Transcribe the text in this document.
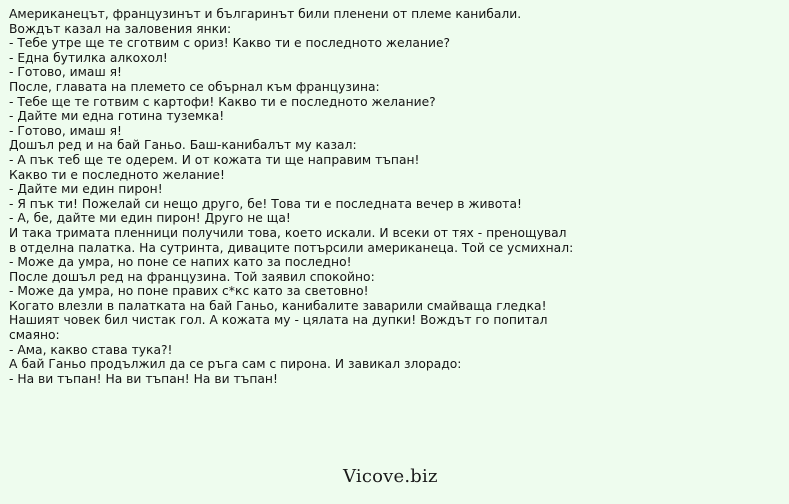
Американецът, французинът и българинът били пленени от племе канибали.
Вождът казал на заловения янки:
- Тебе утре ще те сготвим с ориз! Какво ти е последното желание?
- Една бутилка алкохол!
- Готово, имаш я!
После, главата на племето се обърнал към французина:
- Тебе ще те готвим с картофи! Какво ти е последното желание?
- Дайте ми една готина туземка!
- Готово, имаш я!
Дошъл ред и на бай Ганьо. Баш-канибалът му казал:
- А пък теб ще те одерем. И от кожата ти ще направим тъпан!
Какво ти е последното желание!
- Дайте ми един пирон!
- Я пък ти! Пожелай си нещо друго, бе! Това ти е последната вечер в живота!
- А, бе, дайте ми един пирон! Друго не ща!
И така тримата пленници получили това, което искали. И всеки от тях - пренощувал
в отделна палатка. На сутринта, диваците потърсили американеца. Той се усмихнал:
- Може да умра, но поне се напих като за последно!
После дошъл ред на французина. Той заявил спокойно:
- Може да умра, но поне правих с*кс като за световно!
Когато влезли в палатката на бай Ганьо, канибалите заварили смайваща гледка!
Нашият човек бил чистак гол. А кожата му - цялата на дупки! Вождът го попитал
смаяно:
- Ама, какво става тука?!
А бай Ганьо продължил да се ръга сам с пирона. И завикал злорадо:
- На ви тъпан! На ви тъпан! На ви тъпан!
Vicove.biz
